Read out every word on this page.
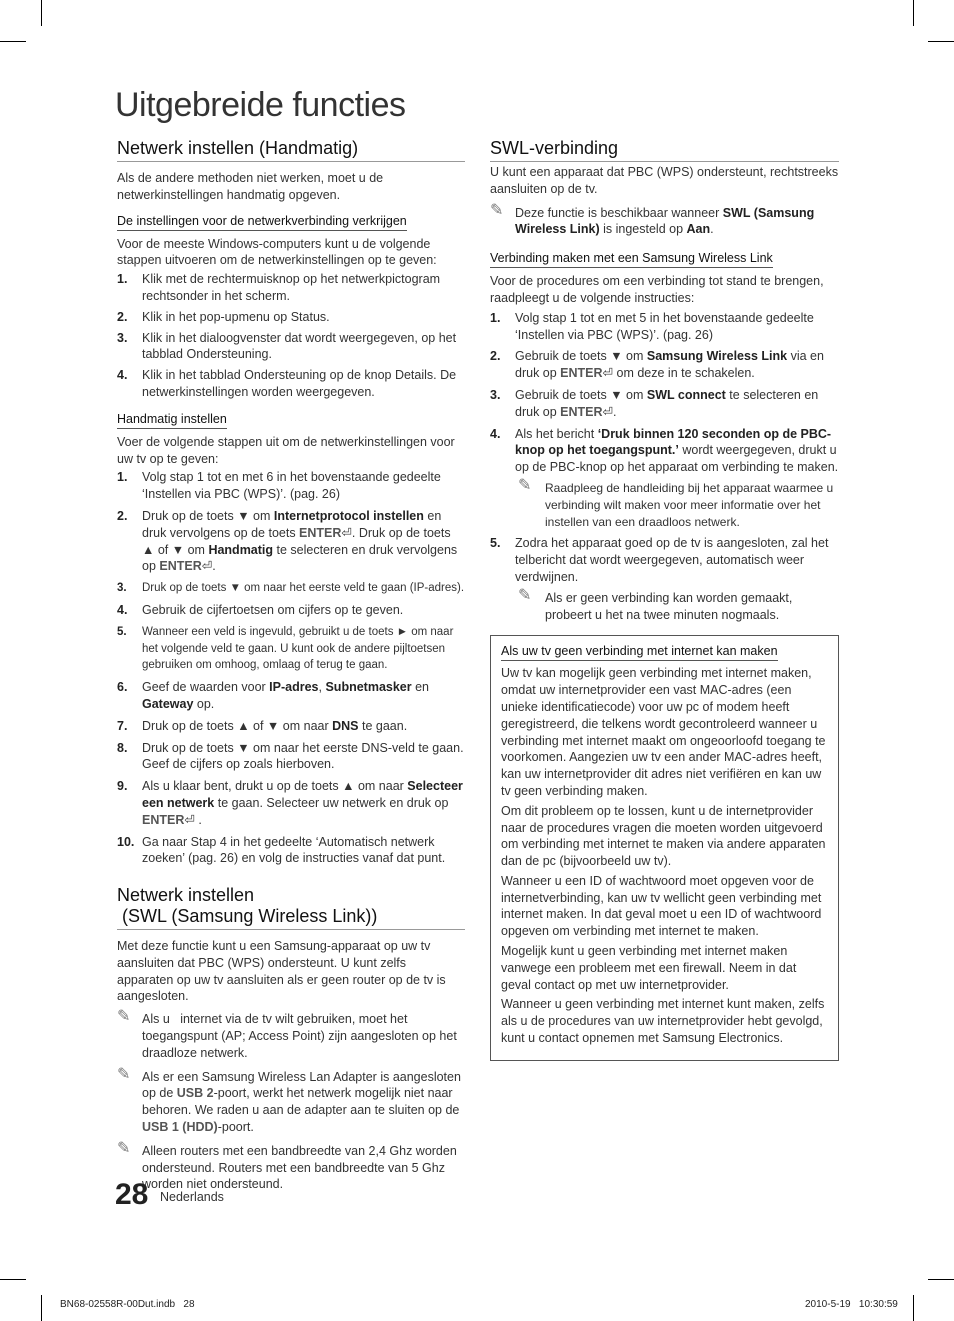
Uitgebreide functies
Netwerk instellen (Handmatig)

Als de andere methoden niet werken, moet u de netwerkinstellingen handmatig opgeven.

De instellingen voor de netwerkverbinding verkrijgen

Voor de meeste Windows-computers kunt u de volgende stappen uitvoeren om de netwerkinstellingen op te geven:

1. Klik met de rechtermuisknop op het netwerkpictogram rechtsonder in het scherm.
2. Klik in het pop-upmenu op Status.
3. Klik in het dialoogvenster dat wordt weergegeven, op het tabblad Ondersteuning.
4. Klik in het tabblad Ondersteuning op de knop Details. De netwerkinstellingen worden weergegeven.
Handmatig instellen

Voer de volgende stappen uit om de netwerkinstellingen voor uw tv op te geven:

1. Volg stap 1 tot en met 6 in het bovenstaande gedeelte ‘Instellen via PBC (WPS)’. (pag. 26)
2. Druk op de toets ▼ om Internetprotocol instellen en druk vervolgens op de toets ENTER⏎. Druk op de toets ▲ of ▼ om Handmatig te selecteren en druk vervolgens op ENTER⏎.
3. Druk op de toets ▼ om naar het eerste veld te gaan (IP-adres).
4. Gebruik de cijfertoetsen om cijfers op te geven.
5. Wanneer een veld is ingevuld, gebruikt u de toets ► om naar het volgende veld te gaan. U kunt ook de andere pijltoetsen gebruiken om omhoog, omlaag of terug te gaan.
6. Geef de waarden voor IP-adres, Subnetmasker en Gateway op.
7. Druk op de toets ▲ of ▼ om naar DNS te gaan.
8. Druk op de toets ▼ om naar het eerste DNS-veld te gaan. Geef de cijfers op zoals hierboven.
9. Als u klaar bent, drukt u op de toets ▲ om naar Selecteer een netwerk te gaan. Selecteer uw netwerk en druk op ENTER⏎ .
10. Ga naar Stap 4 in het gedeelte ‘Automatisch netwerk zoeken’ (pag. 26) en volg de instructies vanaf dat punt.
Netwerk instellen
(SWL (Samsung Wireless Link))

Met deze functie kunt u een Samsung-apparaat op uw tv aansluiten dat PBC (WPS) ondersteunt. U kunt zelfs apparaten op uw tv aansluiten als er geen router op de tv is aangesloten.

✎ Als u   internet via de tv wilt gebruiken, moet het toegangspunt (AP; Access Point) zijn aangesloten op het draadloze netwerk.
✎ Als er een Samsung Wireless Lan Adapter is aangesloten op de USB 2-poort, werkt het netwerk mogelijk niet naar behoren. We raden u aan de adapter aan te sluiten op de USB 1 (HDD)-poort.
✎ Alleen routers met een bandbreedte van 2,4 Ghz worden ondersteund. Routers met een bandbreedte van 5 Ghz worden niet ondersteund.
SWL-verbinding

U kunt een apparaat dat PBC (WPS) ondersteunt, rechtstreeks aansluiten op de tv.

✎ Deze functie is beschikbaar wanneer SWL (Samsung Wireless Link) is ingesteld op Aan.
Verbinding maken met een Samsung Wireless Link

Voor de procedures om een verbinding tot stand te brengen, raadpleegt u de volgende instructies:

1. Volg stap 1 tot en met 5 in het bovenstaande gedeelte ‘Instellen via PBC (WPS)’. (pag. 26)
2. Gebruik de toets ▼ om Samsung Wireless Link via en druk op ENTER⏎ om deze in te schakelen.
3. Gebruik de toets ▼ om SWL connect te selecteren en druk op ENTER⏎.
4. Als het bericht ‘Druk binnen 120 seconden op de PBC-knop op het toegangspunt.’ wordt weergegeven, drukt u op de PBC-knop op het apparaat om verbinding te maken.
✎ Raadpleeg de handleiding bij het apparaat waarmee u verbinding wilt maken voor meer informatie over het instellen van een draadloos netwerk.
5. Zodra het apparaat goed op de tv is aangesloten, zal het telbericht dat wordt weergegeven, automatisch weer verdwijnen.
✎ Als er geen verbinding kan worden gemaakt, probeert u het na twee minuten nogmaals.
Als uw tv geen verbinding met internet kan maken

Uw tv kan mogelijk geen verbinding met internet maken, omdat uw internetprovider een vast MAC-adres (een unieke identificatiecode) voor uw pc of modem heeft geregistreerd, die telkens wordt gecontroleerd wanneer u verbinding met internet maakt om ongeoorloofd toegang te voorkomen. Aangezien uw tv een ander MAC-adres heeft, kan uw internetprovider dit adres niet verifiëren en kan uw tv geen verbinding maken.

Om dit probleem op te lossen, kunt u de internetprovider naar de procedures vragen die moeten worden uitgevoerd om verbinding met internet te maken via andere apparaten dan de pc (bijvoorbeeld uw tv).

Wanneer u een ID of wachtwoord moet opgeven voor de internetverbinding, kan uw tv wellicht geen verbinding met internet maken. In dat geval moet u een ID of wachtwoord opgeven om verbinding met internet te maken.

Mogelijk kunt u geen verbinding met internet maken vanwege een probleem met een firewall. Neem in dat geval contact op met uw internetprovider.

Wanneer u geen verbinding met internet kunt maken, zelfs als u de procedures van uw internetprovider hebt gevolgd, kunt u contact opnemen met Samsung Electronics.

28 Nederlands
BN68-02558R-00Dut.indb   28	2010-5-19   10:30:59
